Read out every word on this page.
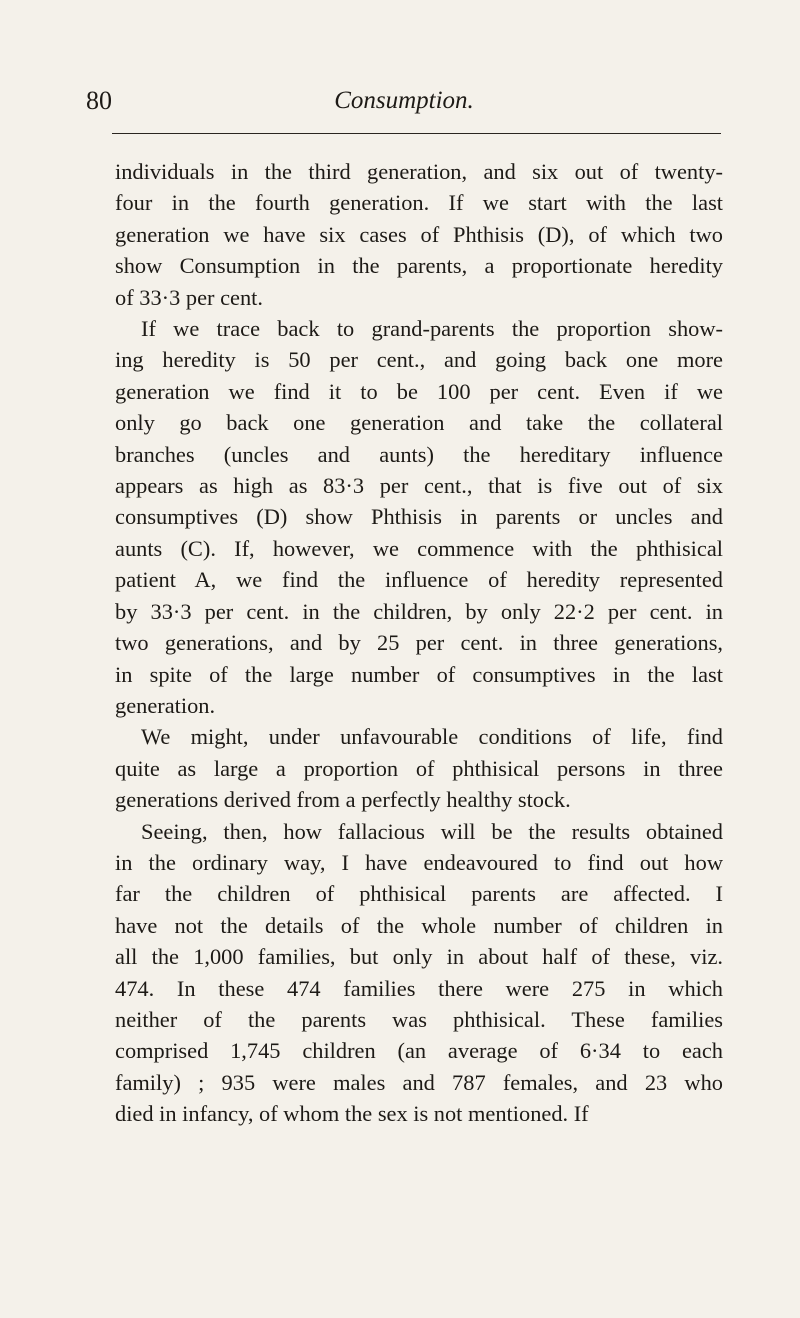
80	Consumption.

individuals in the third generation, and six out of twenty-
four in the fourth generation. If we start with the last
generation we have six cases of Phthisis (D), of which two
show Consumption in the parents, a proportionate heredity
of 33·3 per cent.

If we trace back to grand-parents the proportion show-
ing heredity is 50 per cent., and going back one more
generation we find it to be 100 per cent. Even if we
only go back one generation and take the collateral
branches (uncles and aunts) the hereditary influence
appears as high as 83·3 per cent., that is five out of six
consumptives (D) show Phthisis in parents or uncles and
aunts (C). If, however, we commence with the phthisical
patient A, we find the influence of heredity represented
by 33·3 per cent. in the children, by only 22·2 per cent. in
two generations, and by 25 per cent. in three generations,
in spite of the large number of consumptives in the last
generation.

We might, under unfavourable conditions of life, find
quite as large a proportion of phthisical persons in three
generations derived from a perfectly healthy stock.

Seeing, then, how fallacious will be the results obtained
in the ordinary way, I have endeavoured to find out how
far the children of phthisical parents are affected. I
have not the details of the whole number of children in
all the 1,000 families, but only in about half of these, viz.
474. In these 474 families there were 275 in which
neither of the parents was phthisical. These families
comprised 1,745 children (an average of 6·34 to each
family) ; 935 were males and 787 females, and 23 who
died in infancy, of whom the sex is not mentioned. If
